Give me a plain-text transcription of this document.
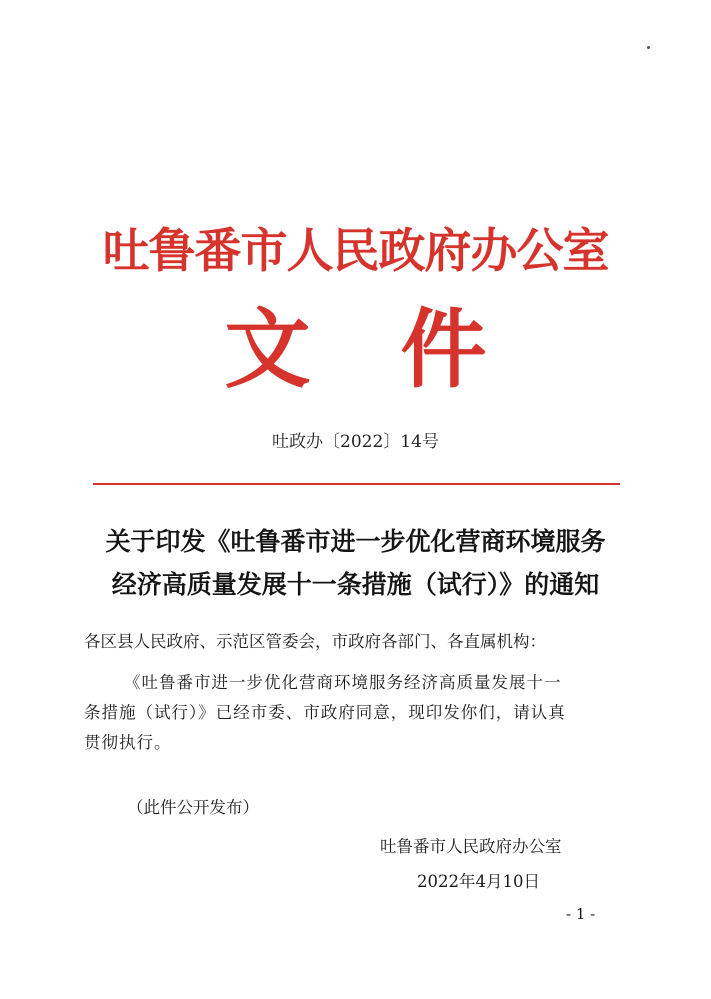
吐鲁番市人民政府办公室
文件
吐政办〔2022〕14号
关于印发《吐鲁番市进一步优化营商环境服务
经济高质量发展十一条措施（试行）》的通知
各区县人民政府、示范区管委会，市政府各部门、各直属机构：
《吐鲁番市进一步优化营商环境服务经济高质量发展十一
条措施（试行）》已经市委、市政府同意，现印发你们，请认真
贯彻执行。
（此件公开发布）
吐鲁番市人民政府办公室
2022年4月10日
- 1 -
